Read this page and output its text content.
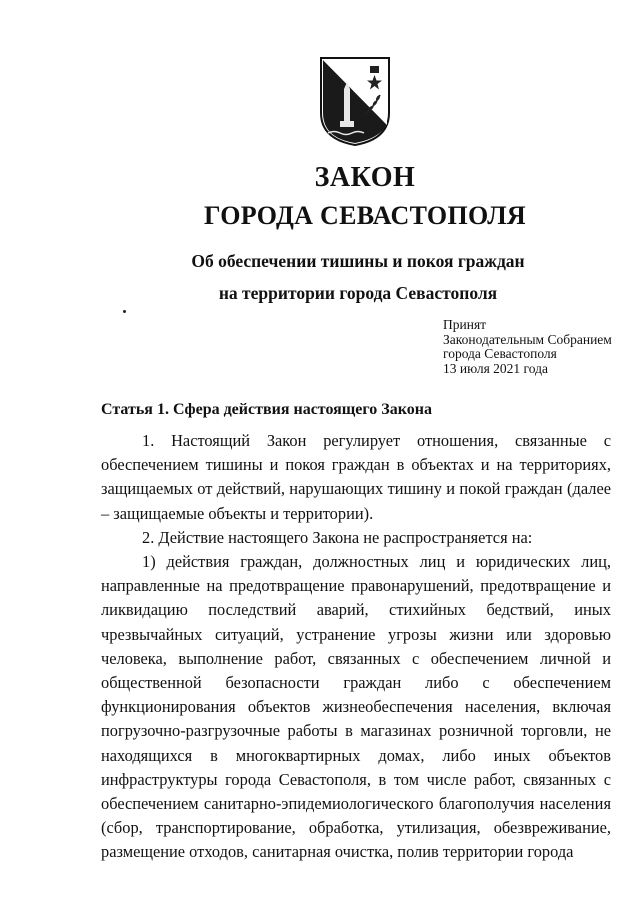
ЗАКОН
ГОРОДА СЕВАСТОПОЛЯ
Об обеспечении тишины и покоя граждан
на территории города Севастополя
Принят
Законодательным Собранием
города Севастополя
13 июля 2021 года
Статья 1. Сфера действия настоящего Закона

1. Настоящий Закон регулирует отношения, связанные с обеспечением тишины и покоя граждан в объектах и на территориях, защищаемых от действий, нарушающих тишину и покой граждан (далее – защищаемые объекты и территории).

2. Действие настоящего Закона не распространяется на:

1) действия граждан, должностных лиц и юридических лиц, направленные на предотвращение правонарушений, предотвращение и ликвидацию последствий аварий, стихийных бедствий, иных чрезвычайных ситуаций, устранение угрозы жизни или здоровью человека, выполнение работ, связанных с обеспечением личной и общественной безопасности граждан либо с обеспечением функционирования объектов жизнеобеспечения населения, включая погрузочно-разгрузочные работы в магазинах розничной торговли, не находящихся в многоквартирных домах, либо иных объектов инфраструктуры города Севастополя, в том числе работ, связанных с обеспечением санитарно-эпидемиологического благополучия населения (сбор, транспортирование, обработка, утилизация, обезвреживание, размещение отходов, санитарная очистка, полив территории города
